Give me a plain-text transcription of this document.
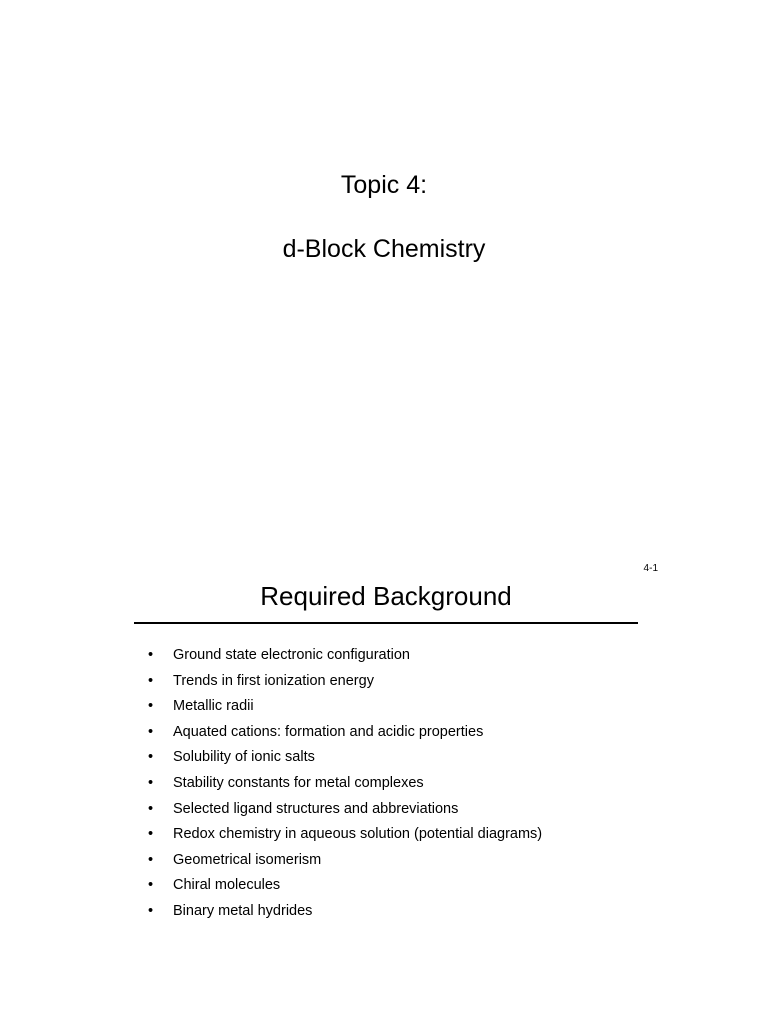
Topic 4:
d-Block Chemistry
4-1
Required Background
•	Ground state electronic configuration
•	Trends in first ionization energy
•	Metallic radii
•	Aquated cations: formation and acidic properties
•	Solubility of ionic salts
•	Stability constants for metal complexes
•	Selected ligand structures and abbreviations
•	Redox chemistry in aqueous solution (potential diagrams)
•	Geometrical isomerism
•	Chiral molecules
•	Binary metal hydrides
